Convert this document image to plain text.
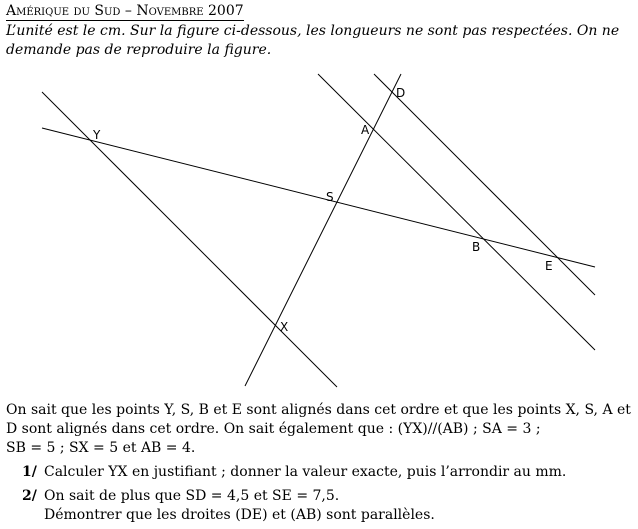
Amérique du Sud – Novembre 2007
L’unité est le cm. Sur la figure ci-dessous, les longueurs ne sont pas respectées. On ne demande pas de reproduire la figure.
Y
S
B
E
X
A
D
On sait que les points Y, S, B et E sont alignés dans cet ordre et que les points X, S, A et D sont alignés dans cet ordre. On sait également que : (YX)//(AB) ; SA = 3 ;
SB = 5 ; SX = 5 et AB = 4.
1/ Calculer YX en justifiant ; donner la valeur exacte, puis l’arrondir au mm.
2/ On sait de plus que SD = 4,5 et SE = 7,5.
Démontrer que les droites (DE) et (AB) sont parallèles.
